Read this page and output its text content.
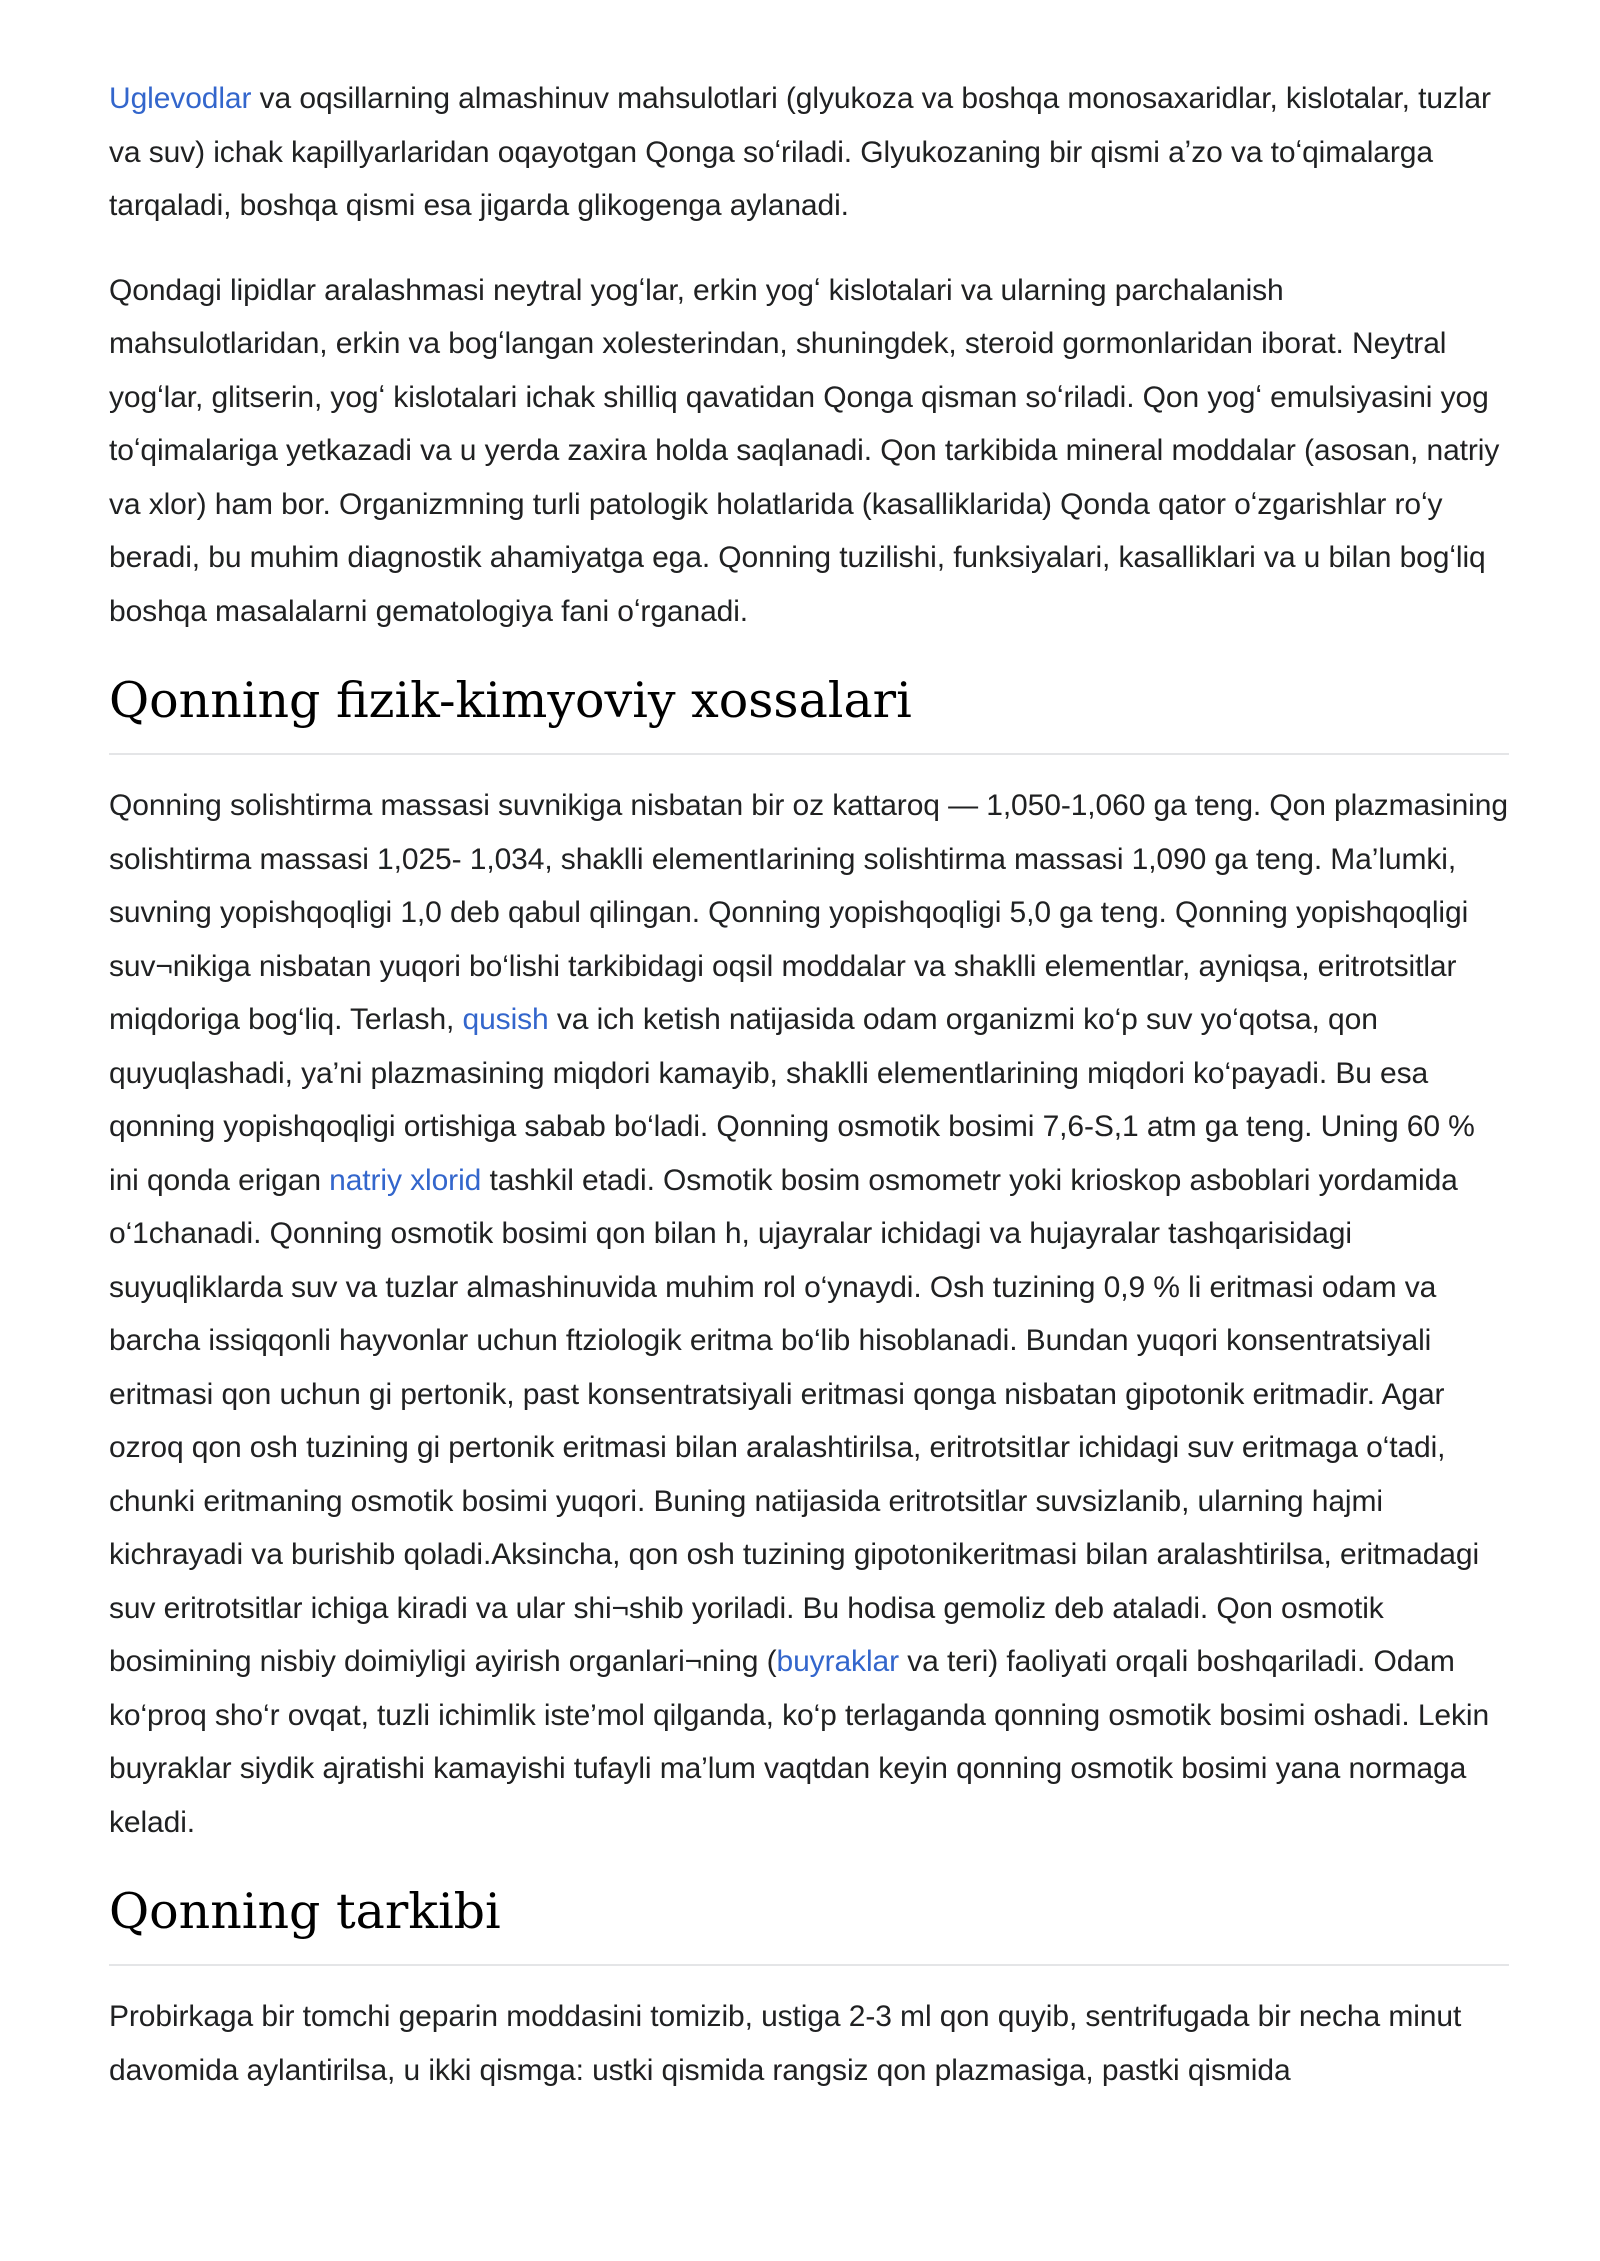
Uglevodlar va oqsillarning almashinuv mahsulotlari (glyukoza va boshqa monosaxaridlar, kislotalar, tuzlar va suv) ichak kapillyarlaridan oqayotgan Qonga soʻriladi. Glyukozaning bir qismi aʼzo va toʻqimalarga tarqaladi, boshqa qismi esa jigarda glikogenga aylanadi.

Qondagi lipidlar aralashmasi neytral yogʻlar, erkin yogʻ kislotalari va ularning parchalanish mahsulotlaridan, erkin va bogʻlangan xolesterindan, shuningdek, steroid gormonlaridan iborat. Neytral yogʻlar, glitserin, yogʻ kislotalari ichak shilliq qavatidan Qonga qisman soʻriladi. Qon yogʻ emulsiyasini yog toʻqimalariga yetkazadi va u yerda zaxira holda saqlanadi. Qon tarkibida mineral moddalar (asosan, natriy va xlor) ham bor. Organizmning turli patologik holatlarida (kasalliklarida) Qonda qator oʻzgarishlar roʻy beradi, bu muhim diagnostik ahamiyatga ega. Qonning tuzilishi, funksiyalari, kasalliklari va u bilan bogʻliq boshqa masalalarni gematologiya fani oʻrganadi.

Qonning fizik-kimyoviy xossalari

Qonning solishtirma massasi suvnikiga nisbatan bir oz kattaroq — 1,050-1,060 ga teng. Qon plazmasining solishtirma massasi 1,025- 1,034, shaklli elementIarining solishtirma massasi 1,090 ga teng. Ma’lumki, suvning yopishqoqligi 1,0 deb qabul qilingan. Qonning yopishqoqligi 5,0 ga teng. Qonning yopishqoqligi suv¬nikiga nisbatan yuqori bo‘lishi tarkibidagi oqsil moddalar va shaklli elementlar, ayniqsa, eritrotsitlar miqdoriga bog‘liq. Terlash, qusish va ich ketish natijasida odam organizmi ko‘p suv yo‘qotsa, qon quyuqlashadi, ya’ni plazmasining miqdori kamayib, shaklli elementlarining miqdori ko‘payadi. Bu esa qonning yopishqoqligi ortishiga sabab bo‘ladi. Qonning osmotik bosimi 7,6-S,1 atm ga teng. Uning 60 % ini qonda erigan natriy xlorid tashkil etadi. Osmotik bosim osmometr yoki krioskop asboblari yordamida o‘1chanadi. Qonning osmotik bosimi qon bilan h, ujayralar ichidagi va hujayralar tashqarisidagi suyuqliklarda suv va tuzlar almashinuvida muhim rol o‘ynaydi. Osh tuzining 0,9 % li eritmasi odam va barcha issiqqonli hayvonlar uchun ftziologik eritma bo‘lib hisoblanadi. Bundan yuqori konsentratsiyali eritmasi qon uchun gi pertonik, past konsentratsiyali eritmasi qonga nisbatan gipotonik eritmadir. Agar ozroq qon osh tuzining gi pertonik eritmasi bilan aralashtirilsa, eritrotsitIar ichidagi suv eritmaga o‘tadi, chunki eritmaning osmotik bosimi yuqori. Buning natijasida eritrotsitlar suvsizlanib, ularning hajmi kichrayadi va burishib qoladi.Aksincha, qon osh tuzining gipotonikeritmasi bilan aralashtirilsa, eritmadagi suv eritrotsitlar ichiga kiradi va ular shi¬shib yoriladi. Bu hodisa gemoliz deb ataladi. Qon osmotik bosimining nisbiy doimiyligi ayirish organlari¬ning (buyraklar va teri) faoliyati orqali boshqariladi. Odam ko‘proq sho‘r ovqat, tuzli ichimlik iste’mol qilganda, ko‘p terlaganda qonning osmotik bosimi oshadi. Lekin buyraklar siydik ajratishi kamayishi tufayli ma’lum vaqtdan keyin qonning osmotik bosimi yana normaga keladi.

Qonning tarkibi

Probirkaga bir tomchi geparin moddasini tomizib, ustiga 2-3 ml qon quyib, sentrifugada bir necha minut davomida aylantirilsa, u ikki qismga: ustki qismida rangsiz qon plazmasiga, pastki qismida
